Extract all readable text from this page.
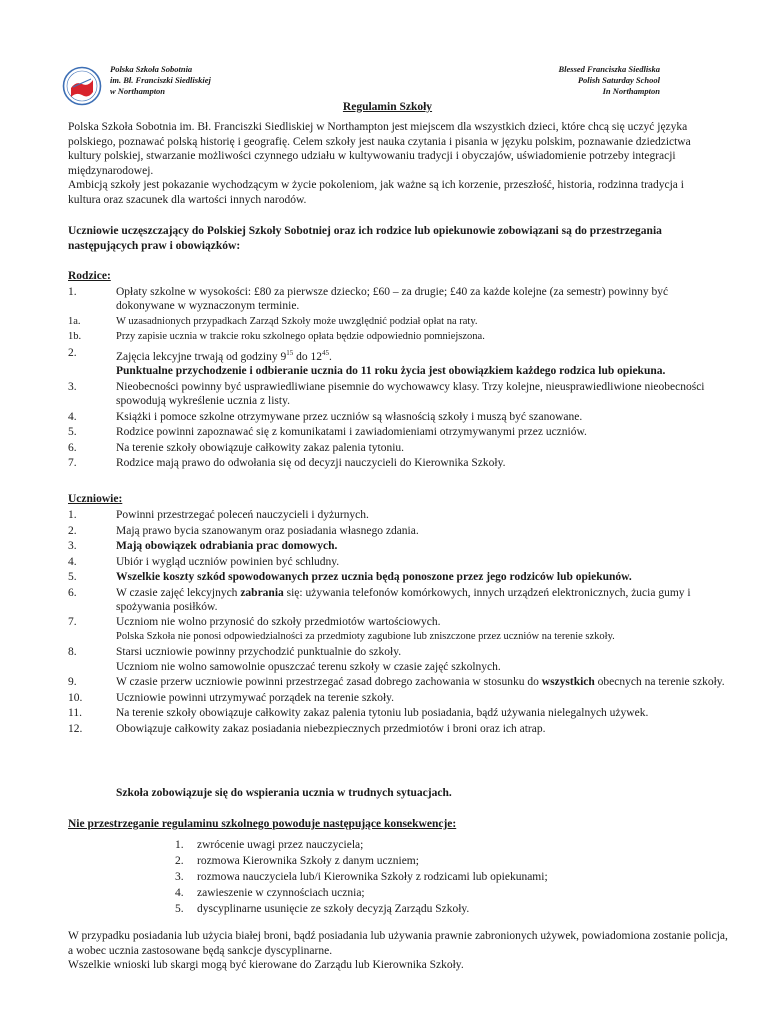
Polska Szkoła Sobotnia
im. Bł. Franciszki Siedliskiej
w Northampton
Blessed Franciszka Siedliska
Polish Saturday School
In Northampton
Regulamin Szkoły

Polska Szkoła Sobotnia im. Bł. Franciszki Siedliskiej w Northampton jest miejscem dla wszystkich dzieci, które chcą się uczyć języka polskiego, poznawać polską historię i geografię. Celem szkoły jest nauka czytania i pisania w języku polskim, poznawanie dziedzictwa kultury polskiej, stwarzanie możliwości czynnego udziału w kultywowaniu tradycji i obyczajów, uświadomienie potrzeby integracji międzynarodowej.

Ambicją szkoły jest pokazanie wychodzącym w życie pokoleniom, jak ważne są ich korzenie, przeszłość, historia, rodzinna tradycja i kultura oraz szacunek dla wartości innych narodów.

Uczniowie uczęszczający do Polskiej Szkoły Sobotniej oraz ich rodzice lub opiekunowie zobowiązani są do przestrzegania następujących praw i obowiązków:

Rodzice:

1.	Opłaty szkolne w wysokości: £80 za pierwsze dziecko; £60 – za drugie; £40 za każde kolejne (za semestr) powinny być dokonywane w wyznaczonym terminie.
1a.	W uzasadnionych przypadkach Zarząd Szkoły może uwzględnić podział opłat na raty.
1b.	Przy zapisie ucznia w trakcie roku szkolnego opłata będzie odpowiednio pomniejszona.
2.	Zajęcia lekcyjne trwają od godziny $9^{15}$ do $12^{45}$.
Punktualne przychodzenie i odbieranie ucznia do 11 roku życia jest obowiązkiem każdego rodzica lub opiekuna.
3.	Nieobecności powinny być usprawiedliwiane pisemnie do wychowawcy klasy. Trzy kolejne, nieusprawiedliwione nieobecności spowodują wykreślenie ucznia z listy.
4.	Książki i pomoce szkolne otrzymywane przez uczniów są własnością szkoły i muszą być szanowane.
5.	Rodzice powinni zapoznawać się z komunikatami i zawiadomieniami otrzymywanymi przez uczniów.
6.	Na terenie szkoły obowiązuje całkowity zakaz palenia tytoniu.
7.	Rodzice mają prawo do odwołania się od decyzji nauczycieli do Kierownika Szkoły.

Uczniowie:

1.	Powinni przestrzegać poleceń nauczycieli i dyżurnych.
2.	Mają prawo bycia szanowanym oraz posiadania własnego zdania.
3.	Mają obowiązek odrabiania prac domowych.
4.	Ubiór i wygląd uczniów powinien być schludny.
5.	Wszelkie koszty szkód spowodowanych przez ucznia będą ponoszone przez jego rodziców lub opiekunów.
6.	W czasie zajęć lekcyjnych zabrania się: używania telefonów komórkowych, innych urządzeń elektronicznych, żucia gumy i spożywania posiłków.
7.	Uczniom nie wolno przynosić do szkoły przedmiotów wartościowych.
Polska Szkoła nie ponosi odpowiedzialności za przedmioty zagubione lub zniszczone przez uczniów na terenie szkoły.
8.	Starsi uczniowie powinny przychodzić punktualnie do szkoły.
Uczniom nie wolno samowolnie opuszczać terenu szkoły w czasie zajęć szkolnych.
9.	W czasie przerw uczniowie powinni przestrzegać zasad dobrego zachowania w stosunku do wszystkich obecnych na terenie szkoły.
10.	Uczniowie powinni utrzymywać porządek na terenie szkoły.
11.	Na terenie szkoły obowiązuje całkowity zakaz palenia tytoniu lub posiadania, bądź używania nielegalnych używek.
12.	Obowiązuje całkowity zakaz posiadania niebezpiecznych przedmiotów i broni oraz ich atrap.

Szkoła zobowiązuje się do wspierania ucznia w trudnych sytuacjach.

Nie przestrzeganie regulaminu szkolnego powoduje następujące konsekwencje:

1. zwrócenie uwagi przez nauczyciela;
2. rozmowa Kierownika Szkoły z danym uczniem;
3. rozmowa nauczyciela lub/i Kierownika Szkoły z rodzicami lub opiekunami;
4. zawieszenie w czynnościach ucznia;
5. dyscyplinarne usunięcie ze szkoły decyzją Zarządu Szkoły.
W przypadku posiadania lub użycia białej broni, bądź posiadania lub używania prawnie zabronionych używek, powiadomiona zostanie policja, a wobec ucznia zastosowane będą sankcje dyscyplinarne.
Wszelkie wnioski lub skargi mogą być kierowane do Zarządu lub Kierownika Szkoły.
